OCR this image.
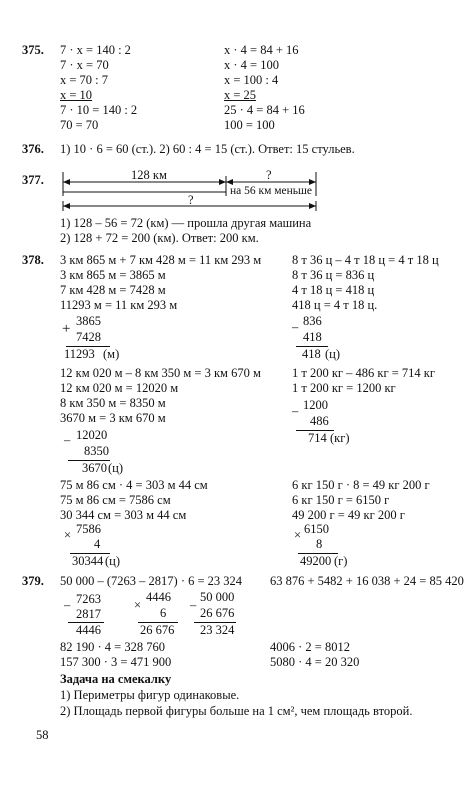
375. 7 · x = 140 : 2
7 · x = 70
x = 70 : 7
x = 10
7 · 10 = 140 : 2
70 = 70
x · 4 = 84 + 16
x · 4 = 100
x = 100 : 4
x = 25
25 · 4 = 84 + 16
100 = 100
376. 1) 10 · 6 = 60 (ст.). 2) 60 : 4 = 15 (ст.). Ответ: 15 стульев.
377.	128 км	?
на 56 км меньше
?
1) 128 – 56 = 72 (км) — прошла другая машина
2) 128 + 72 = 200 (км). Ответ: 200 км.
378. 3 км 865 м + 7 км 428 м = 11 км 293 м
3 км 865 м = 3865 м
7 км 428 м = 7428 м
11293 м = 11 км 293 м
+ 3865
7428
11293 (м)
8 т 36 ц – 4 т 18 ц = 4 т 18 ц
8 т 36 ц = 836 ц
4 т 18 ц = 418 ц
418 ц = 4 т 18 ц.
– 836
418
418 (ц)
12 км 020 м – 8 км 350 м = 3 км 670 м
12 км 020 м = 12020 м
8 км 350 м = 8350 м
3670 м = 3 км 670 м
– 12020
8350
3670 (ц)
1 т 200 кг – 486 кг = 714 кг
1 т 200 кг = 1200 кг
– 1200
486
714 (кг)
75 м 86 см · 4 = 303 м 44 см
75 м 86 см = 7586 см
30 344 см = 303 м 44 см
× 7586
4
30344 (ц)
6 кг 150 г · 8 = 49 кг 200 г
6 кг 150 г = 6150 г
49 200 г = 49 кг 200 г
× 6150
8
49200 (г)
379. 50 000 – (7263 – 2817) · 6 = 23 324 63 876 + 5482 + 16 038 + 24 = 85 420
– 7263
2817
4446
×
4446
6
26 676
–
50 000
26 676
23 324
82 190 · 4 = 328 760
157 300 · 3 = 471 900
4006 · 2 = 8012
5080 · 4 = 20 320
Задача на смекалку
1) Периметры фигур одинаковые.
2) Площадь первой фигуры больше на 1 см², чем площадь второй.
58
